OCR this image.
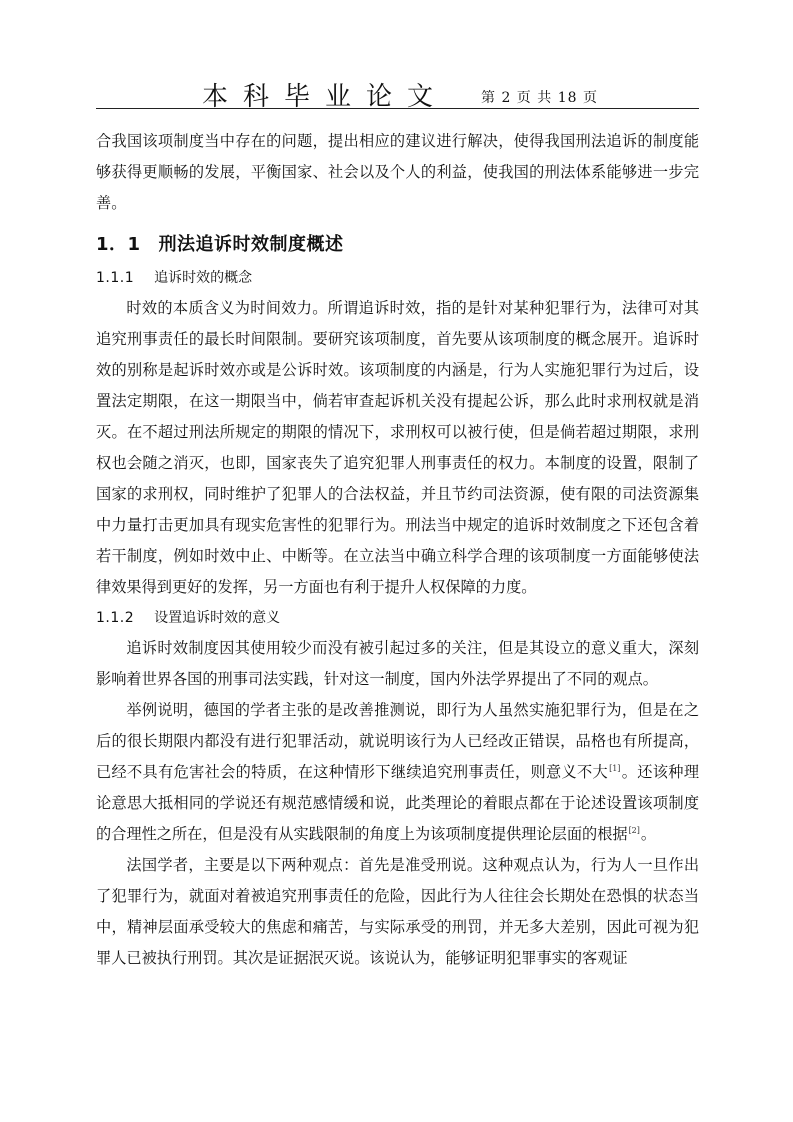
本科毕业论文 第 2 页 共 18 页

合我国该项制度当中存在的问题，提出相应的建议进行解决，使得我国刑法追诉的制度能够获得更顺畅的发展，平衡国家、社会以及个人的利益，使我国的刑法体系能够进一步完善。

1．1 刑法追诉时效制度概述
1.1.1 追诉时效的概念

时效的本质含义为时间效力。所谓追诉时效，指的是针对某种犯罪行为，法律可对其追究刑事责任的最长时间限制。要研究该项制度，首先要从该项制度的概念展开。追诉时效的别称是起诉时效亦或是公诉时效。该项制度的内涵是，行为人实施犯罪行为过后，设置法定期限，在这一期限当中，倘若审查起诉机关没有提起公诉，那么此时求刑权就是消灭。在不超过刑法所规定的期限的情况下，求刑权可以被行使，但是倘若超过期限，求刑权也会随之消灭，也即，国家丧失了追究犯罪人刑事责任的权力。本制度的设置，限制了国家的求刑权，同时维护了犯罪人的合法权益，并且节约司法资源，使有限的司法资源集中力量打击更加具有现实危害性的犯罪行为。刑法当中规定的追诉时效制度之下还包含着若干制度，例如时效中止、中断等。在立法当中确立科学合理的该项制度一方面能够使法律效果得到更好的发挥，另一方面也有利于提升人权保障的力度。

1.1.2 设置追诉时效的意义

追诉时效制度因其使用较少而没有被引起过多的关注，但是其设立的意义重大，深刻影响着世界各国的刑事司法实践，针对这一制度，国内外法学界提出了不同的观点。

举例说明，德国的学者主张的是改善推测说，即行为人虽然实施犯罪行为，但是在之后的很长期限内都没有进行犯罪活动，就说明该行为人已经改正错误，品格也有所提高，已经不具有危害社会的特质，在这种情形下继续追究刑事责任，则意义不大[1]。还该种理论意思大抵相同的学说还有规范感情缓和说，此类理论的着眼点都在于论述设置该项制度的合理性之所在，但是没有从实践限制的角度上为该项制度提供理论层面的根据[2]。

法国学者，主要是以下两种观点：首先是准受刑说。这种观点认为，行为人一旦作出了犯罪行为，就面对着被追究刑事责任的危险，因此行为人往往会长期处在恐惧的状态当中，精神层面承受较大的焦虑和痛苦，与实际承受的刑罚，并无多大差别，因此可视为犯罪人已被执行刑罚。其次是证据泯灭说。该说认为，能够证明犯罪事实的客观证
